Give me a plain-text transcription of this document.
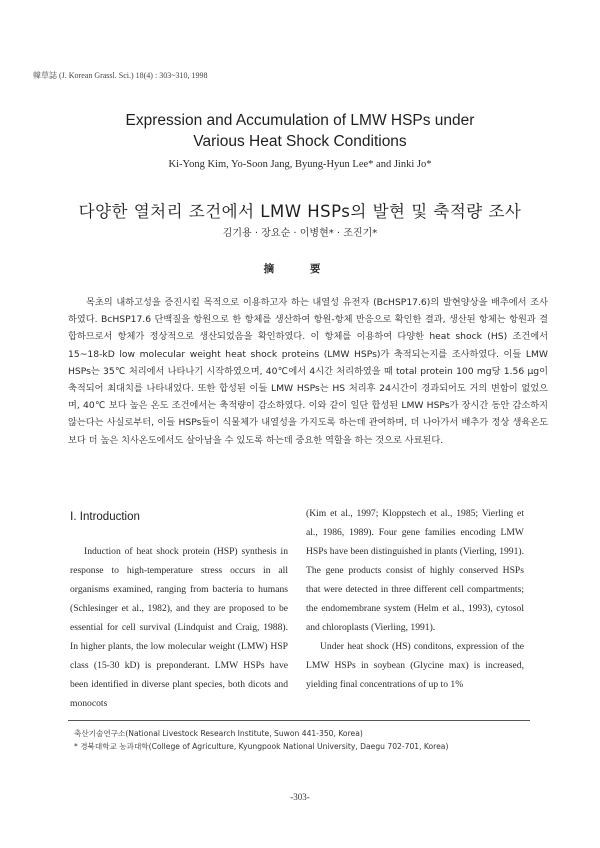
韓草誌 (J. Korean Grassl. Sci.) 18(4) : 303~310, 1998
Expression and Accumulation of LMW HSPs under
Various Heat Shock Conditions
Ki-Yong Kim, Yo-Soon Jang, Byung-Hyun Lee* and Jinki Jo*
다양한 열처리 조건에서 LMW HSPs의 발현 및 축적량 조사
김기용 · 장요순 · 이병현* · 조진기*
摘 要
목초의 내하고성을 증진시킬 목적으로 이용하고자 하는 내열성 유전자 (BcHSP17.6)의 발현양상을 배추에서 조사하였다. BcHSP17.6 단백질을 항원으로 한 항체를 생산하여 항원-항체 반응으로 확인한 결과, 생산된 항체는 항원과 결합하므로서 항체가 정상적으로 생산되었음을 확인하였다. 이 항체를 이용하여 다양한 heat shock (HS) 조건에서 15~18-kD low molecular weight heat shock proteins (LMW HSPs)가 축적되는지를 조사하였다. 이들 LMW HSPs는 35℃ 처리에서 나타나기 시작하였으며, 40℃에서 4시간 처리하였을 때 total protein 100 mg당 1.56 μg이 축적되어 최대치를 나타내었다. 또한 합성된 이들 LMW HSPs는 HS 처리후 24시간이 경과되어도 거의 변함이 없었으며, 40℃ 보다 높은 온도 조건에서는 축적량이 감소하였다. 이와 같이 일단 합성된 LMW HSPs가 장시간 동안 감소하지 않는다는 사실로부터, 이들 HSPs들이 식물체가 내열성을 가지도록 하는데 관여하며, 더 나아가서 배추가 정상 생육온도보다 더 높은 치사온도에서도 살아남을 수 있도록 하는데 중요한 역할을 하는 것으로 사료된다.
Ⅰ. Introduction

Induction of heat shock protein (HSP) synthesis in response to high-temperature stress occurs in all organisms examined, ranging from bacteria to humans (Schlesinger et al., 1982), and they are proposed to be essential for cell survival (Lindquist and Craig, 1988). In higher plants, the low molecular weight (LMW) HSP class (15-30 kD) is preponderant. LMW HSPs have been identified in diverse plant species, both dicots and monocots

(Kim et al., 1997; Kloppstech et al., 1985; Vierling et al., 1986, 1989). Four gene families encoding LMW HSPs have been distinguished in plants (Vierling, 1991). The gene products consist of highly conserved HSPs that were detected in three different cell compartments; the endomembrane system (Helm et al., 1993), cytosol and chloroplasts (Vierling, 1991).

Under heat shock (HS) conditons, expression of the LMW HSPs in soybean (Glycine max) is increased, yielding final concentrations of up to 1%

축산기술연구소(National Livestock Research Institute, Suwon 441-350, Korea)
* 경북대학교 농과대학(College of Agriculture, Kyungpook National University, Daegu 702-701, Korea)
-303-
